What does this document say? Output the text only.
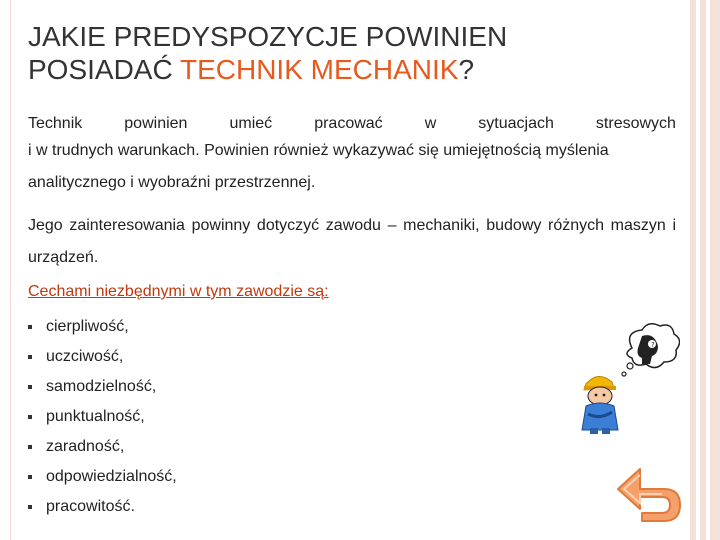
JAKIE PREDYSPOZYCJE POWINIEN
POSIADAĆ TECHNIK MECHANIK?
Technik	powinien	umieć	pracować	w	sytuacjach	stresowych
i w trudnych warunkach. Powinien również wykazywać się umiejętnością myślenia
analitycznego i wyobraźni przestrzennej.
Jego zainteresowania powinny dotyczyć zawodu – mechaniki, budowy różnych maszyn i urządzeń.
Cechami niezbędnymi w tym zawodzie są:
cierpliwość,
uczciwość,
samodzielność,
punktualność,
zaradność,
odpowiedzialność,
pracowitość.
?
